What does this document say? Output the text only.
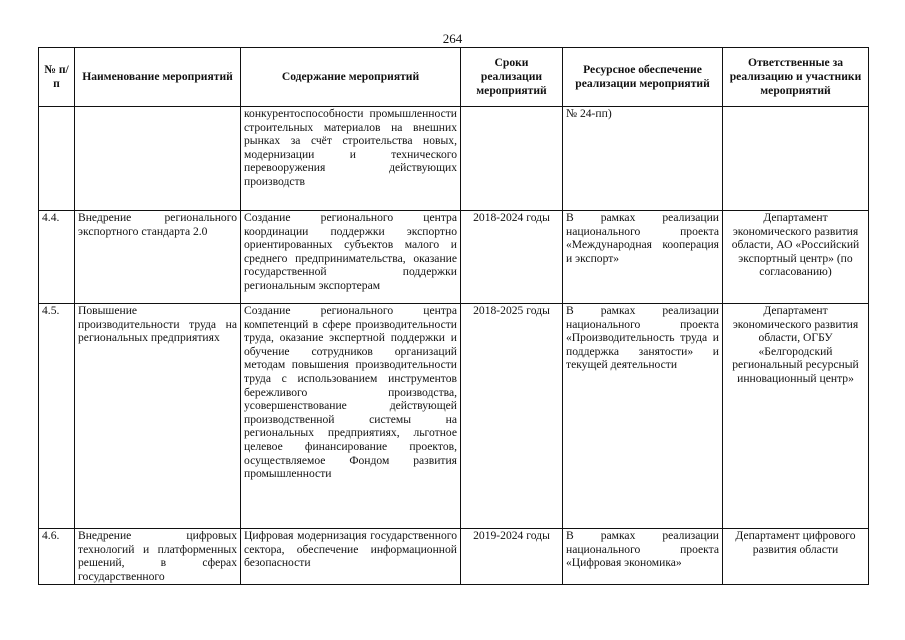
264
№ п/п	Наименование мероприятий	Содержание мероприятий	Сроки реализации мероприятий	Ресурсное обеспечение реализации мероприятий	Ответственные за реализацию и участники мероприятий
		конкурентоспособности промышленности строительных материалов на внешних рынках за счёт строительства новых, модернизации и технического перевооружения действующих производств		№ 24-пп)	
4.4.	Внедрение регионального экспортного стандарта 2.0	Создание регионального центра координации поддержки экспортно ориентированных субъектов малого и среднего предпринимательства, оказание государственной поддержки региональным экспортерам	2018-2024 годы	В рамках реализации национального проекта «Международная кооперация и экспорт»	Департамент экономического развития области, АО «Российский экспортный центр» (по согласованию)
4.5.	Повышение производительности труда на региональных предприятиях	Создание регионального центра компетенций в сфере производительности труда, оказание экспертной поддержки и обучение сотрудников организаций методам повышения производительности труда с использованием инструментов бережливого производства, усовершенствование действующей производственной системы на региональных предприятиях, льготное целевое финансирование проектов, осуществляемое Фондом развития промышленности	2018-2025 годы	В рамках реализации национального проекта «Производительность труда и поддержка занятости» и текущей деятельности	Департамент экономического развития области, ОГБУ «Белгородский региональный ресурсный инновационный центр»
4.6.	Внедрение цифровых технологий и платформенных решений, в сферах государственного	Цифровая модернизация государственного сектора, обеспечение информационной безопасности	2019-2024 годы	В рамках реализации национального проекта «Цифровая экономика»	Департамент цифрового развития области
